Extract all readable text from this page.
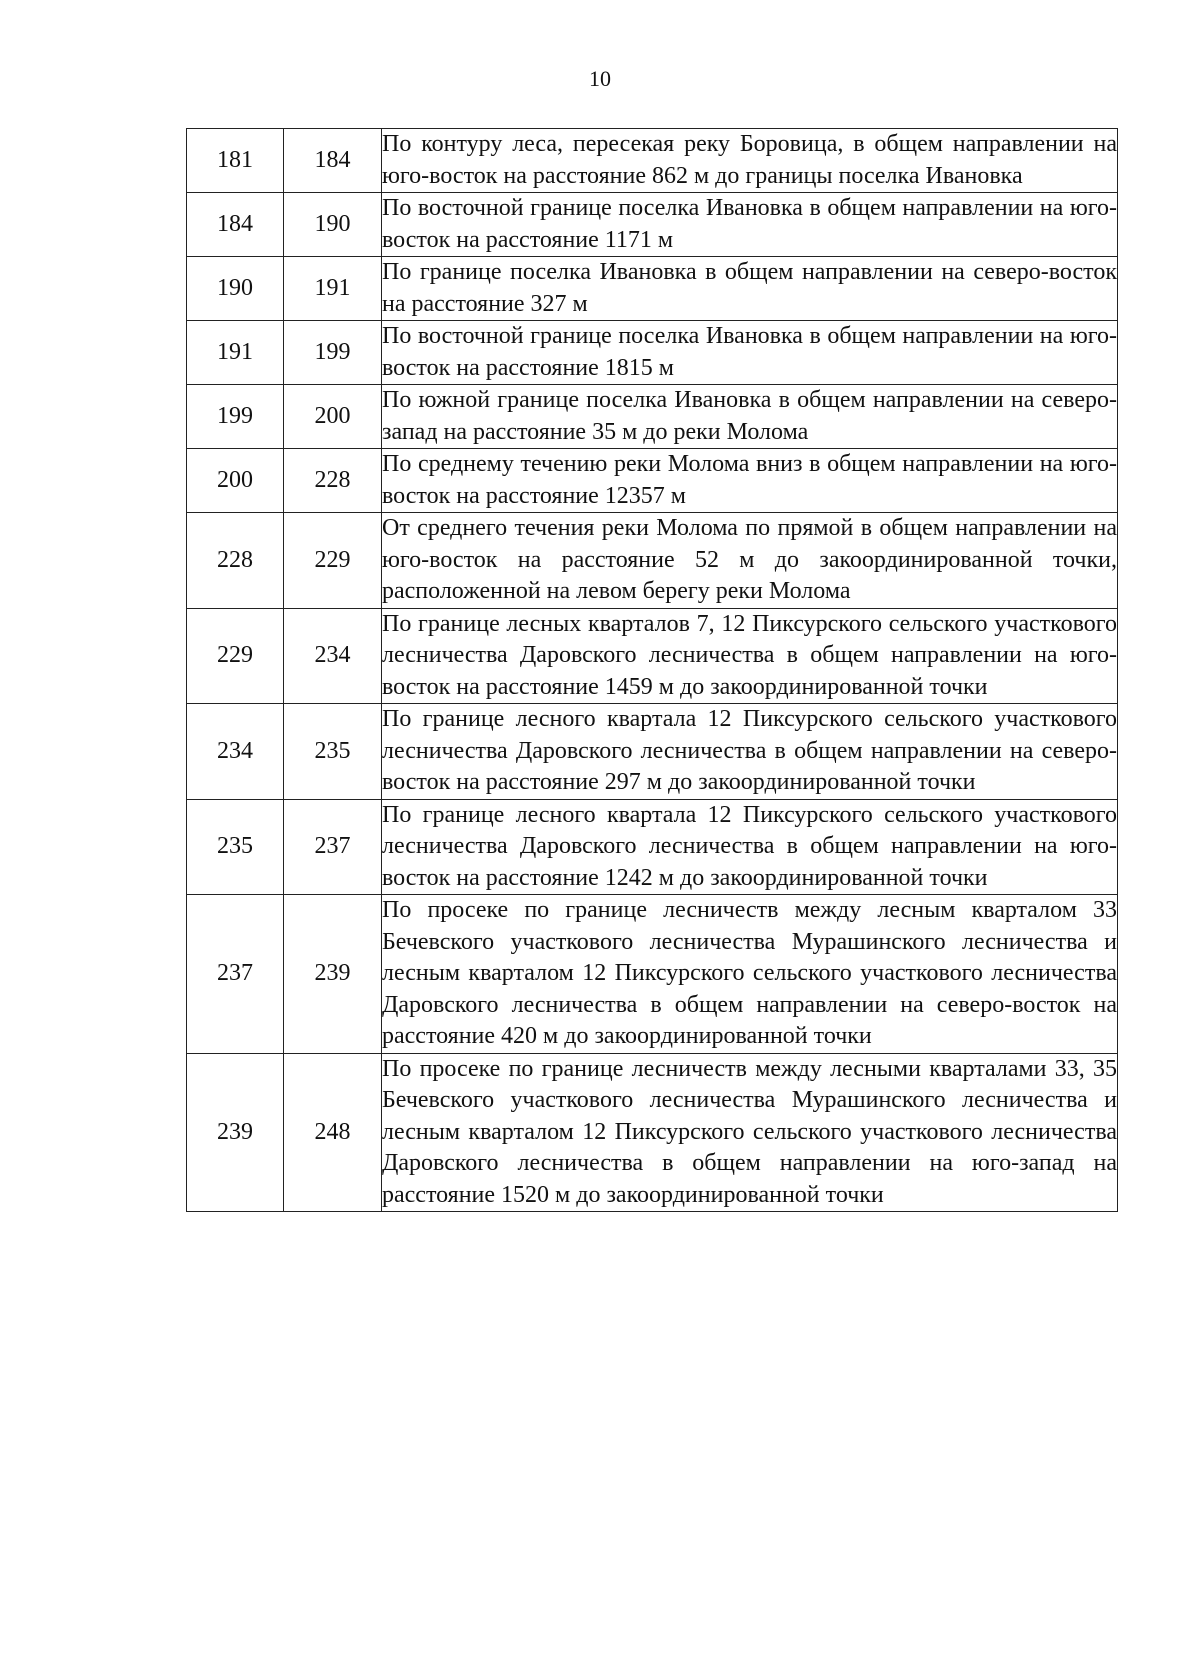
10
181	184	По контуру леса, пересекая реку Боровица, в общем направлении на юго-восток на расстояние 862 м до границы поселка Ивановка
184	190	По восточной границе поселка Ивановка в общем направлении на юго-восток на расстояние 1171 м
190	191	По границе поселка Ивановка в общем направлении на северо-восток на расстояние 327 м
191	199	По восточной границе поселка Ивановка в общем направлении на юго-восток на расстояние 1815 м
199	200	По южной границе поселка Ивановка в общем направлении на северо-запад на расстояние 35 м до реки Молома
200	228	По среднему течению реки Молома вниз в общем направлении на юго-восток на расстояние 12357 м
228	229	От среднего течения реки Молома по прямой в общем направлении на юго-восток на расстояние 52 м до закоординированной точки, расположенной на левом берегу реки Молома
229	234	По границе лесных кварталов 7, 12 Пиксурского сельского участкового лесничества Даровского лесничества в общем направлении на юго-восток на расстояние 1459 м до закоординированной точки
234	235	По границе лесного квартала 12 Пиксурского сельского участкового лесничества Даровского лесничества в общем направлении на северо-восток на расстояние 297 м до закоординированной точки
235	237	По границе лесного квартала 12 Пиксурского сельского участкового лесничества Даровского лесничества в общем направлении на юго-восток на расстояние 1242 м до закоординированной точки
237	239	По просеке по границе лесничеств между лесным кварталом 33 Бечевского участкового лесничества Мурашинского лесничества и лесным кварталом 12 Пиксурского сельского участкового лесничества Даровского лесничества в общем направлении на северо-восток на расстояние 420 м до закоординированной точки
239	248	По просеке по границе лесничеств между лесными кварталами 33, 35 Бечевского участкового лесничества Мурашинского лесничества и лесным кварталом 12 Пиксурского сельского участкового лесничества Даровского лесничества в общем направлении на юго-запад на расстояние 1520 м до закоординированной точки
